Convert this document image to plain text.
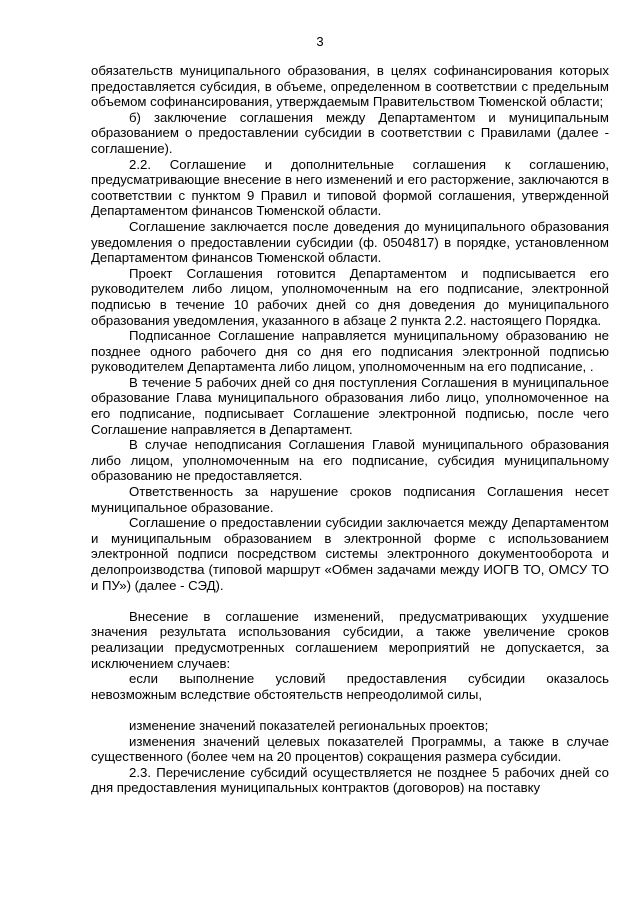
3

обязательств муниципального образования, в целях софинансирования которых предоставляется субсидия, в объеме, определенном в соответствии с предельным объемом софинансирования, утверждаемым Правительством Тюменской области;

б) заключение соглашения между Департаментом и муниципальным образованием о предоставлении субсидии в соответствии с Правилами (далее - соглашение).

2.2. Соглашение и дополнительные соглашения к соглашению, предусматривающие внесение в него изменений и его расторжение, заключаются в соответствии с пунктом 9 Правил и типовой формой соглашения, утвержденной Департаментом финансов Тюменской области.

Соглашение заключается после доведения до муниципального образования уведомления о предоставлении субсидии (ф. 0504817) в порядке, установленном Департаментом финансов Тюменской области.

Проект Соглашения готовится Департаментом и подписывается его руководителем либо лицом, уполномоченным на его подписание, электронной подписью в течение 10 рабочих дней со дня доведения до муниципального образования уведомления, указанного в абзаце 2 пункта 2.2. настоящего Порядка.

Подписанное Соглашение направляется муниципальному образованию не позднее одного рабочего дня со дня его подписания электронной подписью руководителем Департамента либо лицом, уполномоченным на его подписание, .

В течение 5 рабочих дней со дня поступления Соглашения в муниципальное образование Глава муниципального образования либо лицо, уполномоченное на его подписание, подписывает Соглашение электронной подписью, после чего Соглашение направляется в Департамент.

В случае неподписания Соглашения Главой муниципального образования либо лицом, уполномоченным на его подписание, субсидия муниципальному образованию не предоставляется.

Ответственность за нарушение сроков подписания Соглашения несет муниципальное образование.

Соглашение о предоставлении субсидии заключается между Департаментом и муниципальным образованием в электронной форме с использованием электронной подписи посредством системы электронного документооборота и делопроизводства (типовой маршрут «Обмен задачами между ИОГВ ТО, ОМСУ ТО и ПУ») (далее - СЭД).

Внесение в соглашение изменений, предусматривающих ухудшение значения результата использования субсидии, а также увеличение сроков реализации предусмотренных соглашением мероприятий не допускается, за исключением случаев:

если выполнение условий предоставления субсидии оказалось невозможным вследствие обстоятельств непреодолимой силы,

изменение значений показателей региональных проектов;

изменения значений целевых показателей Программы, а также в случае существенного (более чем на 20 процентов) сокращения размера субсидии.

2.3. Перечисление субсидий осуществляется не позднее 5 рабочих дней со дня предоставления муниципальных контрактов (договоров) на поставку
